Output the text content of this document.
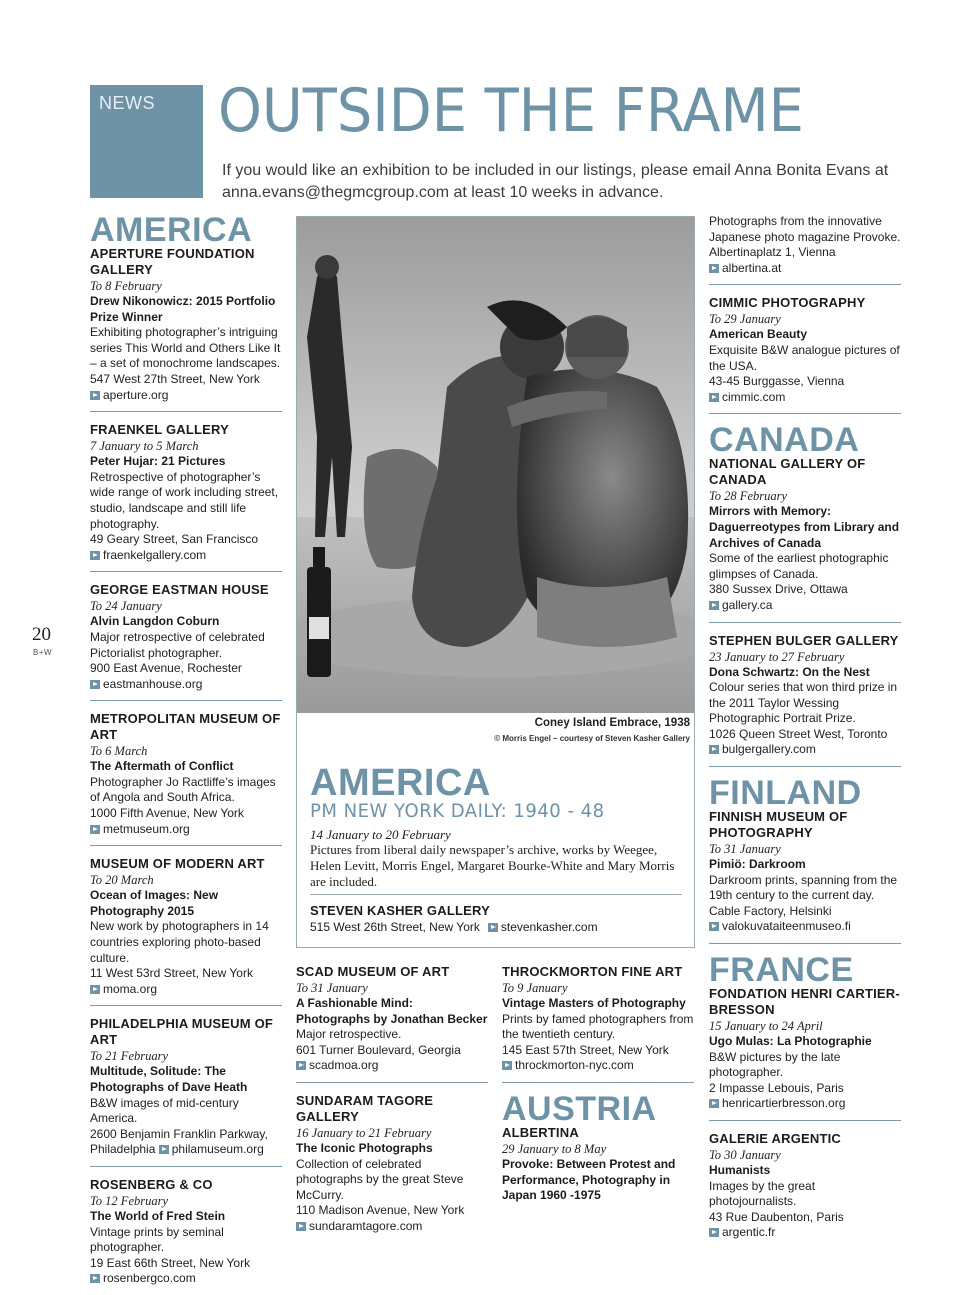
NEWS OUTSIDE THE FRAME
If you would like an exhibition to be included in our listings, please email Anna Bonita Evans at anna.evans@thegmcgroup.com at least 10 weeks in advance.
20
B+W
AMERICA
APERTURE FOUNDATION GALLERY
To 8 February
Drew Nikonowicz: 2015 Portfolio Prize Winner
Exhibiting photographer’s intriguing series This World and Others Like It – a set of monochrome landscapes.
547 West 27th Street, New York
aperture.org
FRAENKEL GALLERY
7 January to 5 March
Peter Hujar: 21 Pictures
Retrospective of photographer’s wide range of work including street, studio, landscape and still life photography.
49 Geary Street, San Francisco
fraenkelgallery.com
GEORGE EASTMAN HOUSE
To 24 January
Alvin Langdon Coburn
Major retrospective of celebrated Pictorialist photographer.
900 East Avenue, Rochester
eastmanhouse.org
METROPOLITAN MUSEUM OF ART
To 6 March
The Aftermath of Conflict
Photographer Jo Ractliffe’s images of Angola and South Africa.
1000 Fifth Avenue, New York
metmuseum.org
MUSEUM OF MODERN ART
To 20 March
Ocean of Images: New Photography 2015
New work by photographers in 14 countries exploring photo-based culture.
11 West 53rd Street, New York
moma.org
PHILADELPHIA MUSEUM OF ART
To 21 February
Multitude, Solitude: The Photographs of Dave Heath
B&W images of mid-century America.
2600 Benjamin Franklin Parkway, Philadelphia philamuseum.org
ROSENBERG & CO
To 12 February
The World of Fred Stein
Vintage prints by seminal photographer.
19 East 66th Street, New York
rosenbergco.com
Coney Island Embrace, 1938
© Morris Engel – courtesy of Steven Kasher Gallery
AMERICA
PM NEW YORK DAILY: 1940 - 48
14 January to 20 February
Pictures from liberal daily newspaper’s archive, works by Weegee, Helen Levitt, Morris Engel, Margaret Bourke-White and Mary Morris are included.
STEVEN KASHER GALLERY
515 West 26th Street, New York stevenkasher.com
SCAD MUSEUM OF ART
To 31 January
A Fashionable Mind: Photographs by Jonathan Becker
Major retrospective.
601 Turner Boulevard, Georgia
scadmoa.org
SUNDARAM TAGORE GALLERY
16 January to 21 February
The Iconic Photographs
Collection of celebrated photographs by the great Steve McCurry.
110 Madison Avenue, New York
sundaramtagore.com
THROCKMORTON FINE ART
To 9 January
Vintage Masters of Photography
Prints by famed photographers from the twentieth century.
145 East 57th Street, New York
throckmorton-nyc.com
AUSTRIA
ALBERTINA
29 January to 8 May
Provoke: Between Protest and Performance, Photography in Japan 1960 -1975
Photographs from the innovative Japanese photo magazine Provoke.
Albertinaplatz 1, Vienna
albertina.at
CIMMIC PHOTOGRAPHY
To 29 January
American Beauty
Exquisite B&W analogue pictures of the USA.
43-45 Burggasse, Vienna
cimmic.com
CANADA
NATIONAL GALLERY OF CANADA
To 28 February
Mirrors with Memory: Daguerreotypes from Library and Archives of Canada
Some of the earliest photographic glimpses of Canada.
380 Sussex Drive, Ottawa
gallery.ca
STEPHEN BULGER GALLERY
23 January to 27 February
Dona Schwartz: On the Nest
Colour series that won third prize in the 2011 Taylor Wessing Photographic Portrait Prize.
1026 Queen Street West, Toronto
bulgergallery.com
FINLAND
FINNISH MUSEUM OF PHOTOGRAPHY
To 31 January
Pimiö: Darkroom
Darkroom prints, spanning from the 19th century to the current day.
Cable Factory, Helsinki
valokuvataiteenmuseo.fi
FRANCE
FONDATION HENRI CARTIER-BRESSON
15 January to 24 April
Ugo Mulas: La Photographie
B&W pictures by the late photographer.
2 Impasse Lebouis, Paris
henricartierbresson.org
GALERIE ARGENTIC
To 30 January
Humanists
Images by the great photojournalists.
43 Rue Daubenton, Paris
argentic.fr
